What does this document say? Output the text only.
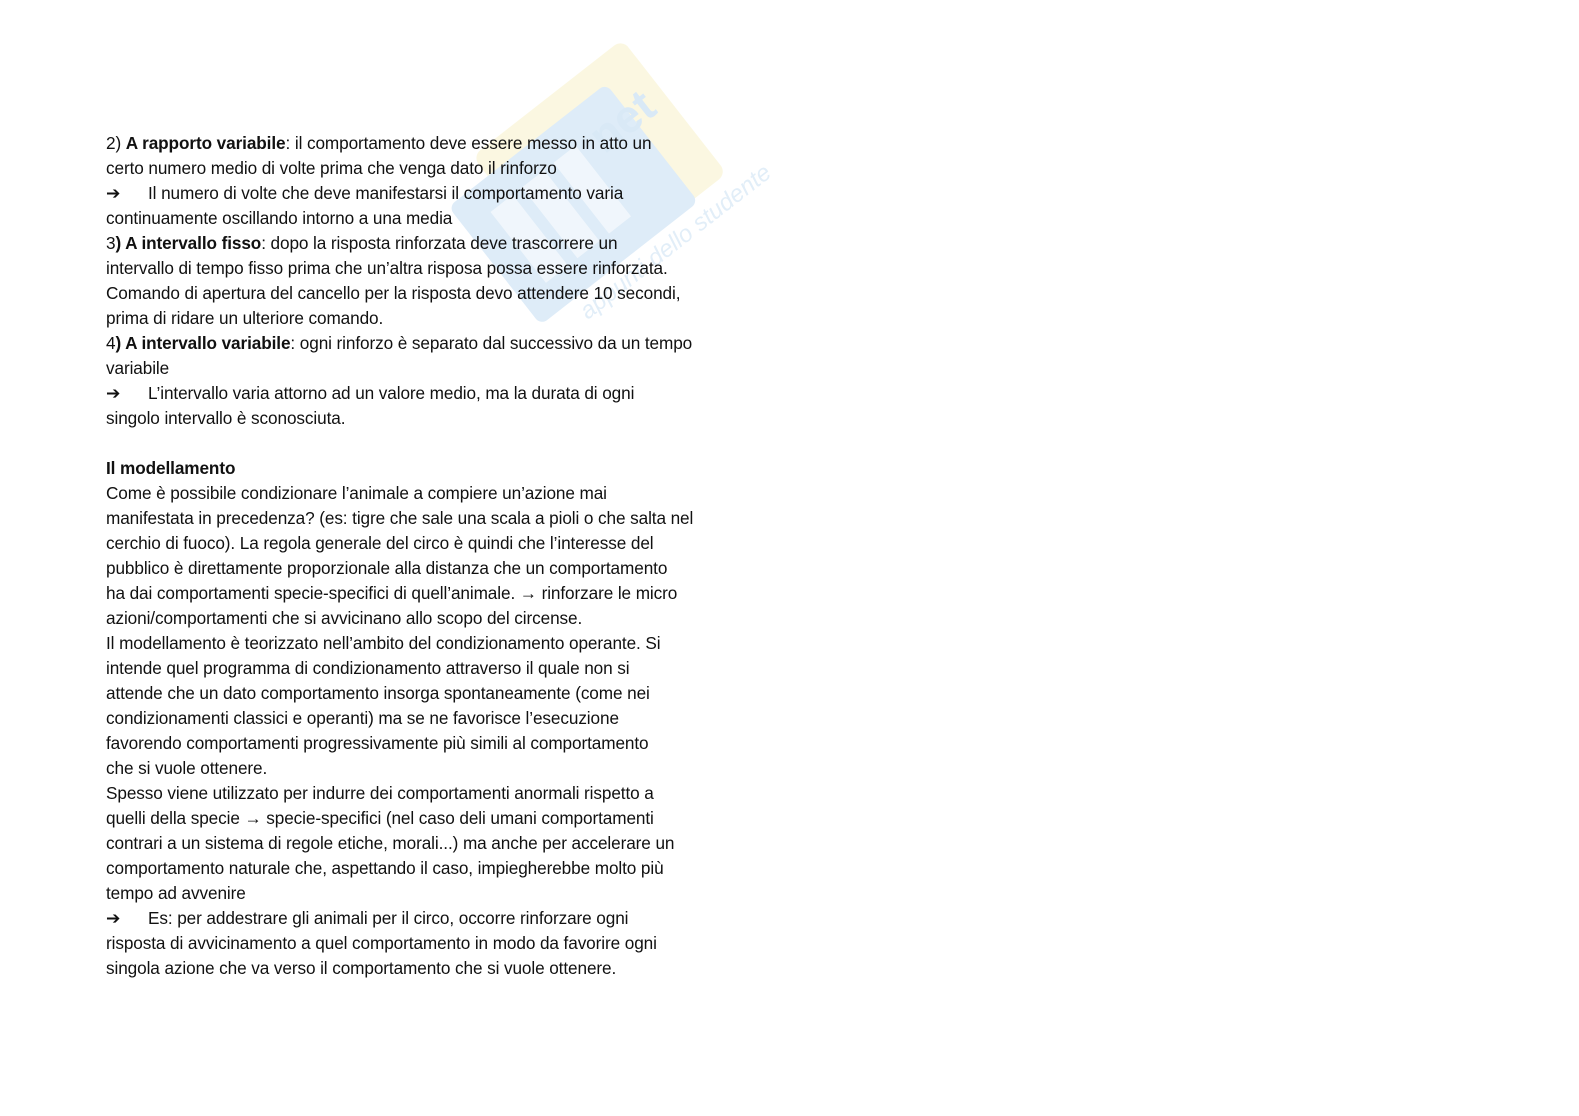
net
appunti dello studente
2) A rapporto variabile: il comportamento deve essere messo in atto un
certo numero medio di volte prima che venga dato il rinforzo
➔ Il numero di volte che deve manifestarsi il comportamento varia
continuamente oscillando intorno a una media
3) A intervallo fisso: dopo la risposta rinforzata deve trascorrere un
intervallo di tempo fisso prima che un’altra risposa possa essere rinforzata.
Comando di apertura del cancello per la risposta devo attendere 10 secondi,
prima di ridare un ulteriore comando.
4) A intervallo variabile: ogni rinforzo è separato dal successivo da un tempo
variabile
➔ L’intervallo varia attorno ad un valore medio, ma la durata di ogni
singolo intervallo è sconosciuta.
Il modellamento
Come è possibile condizionare l’animale a compiere un’azione mai
manifestata in precedenza? (es: tigre che sale una scala a pioli o che salta nel
cerchio di fuoco). La regola generale del circo è quindi che l’interesse del
pubblico è direttamente proporzionale alla distanza che un comportamento
ha dai comportamenti specie-specifici di quell’animale. → rinforzare le micro
azioni/comportamenti che si avvicinano allo scopo del circense.
Il modellamento è teorizzato nell’ambito del condizionamento operante. Si
intende quel programma di condizionamento attraverso il quale non si
attende che un dato comportamento insorga spontaneamente (come nei
condizionamenti classici e operanti) ma se ne favorisce l’esecuzione
favorendo comportamenti progressivamente più simili al comportamento
che si vuole ottenere.
Spesso viene utilizzato per indurre dei comportamenti anormali rispetto a
quelli della specie → specie-specifici (nel caso deli umani comportamenti
contrari a un sistema di regole etiche, morali...) ma anche per accelerare un
comportamento naturale che, aspettando il caso, impiegherebbe molto più
tempo ad avvenire
➔ Es: per addestrare gli animali per il circo, occorre rinforzare ogni
risposta di avvicinamento a quel comportamento in modo da favorire ogni
singola azione che va verso il comportamento che si vuole ottenere.
